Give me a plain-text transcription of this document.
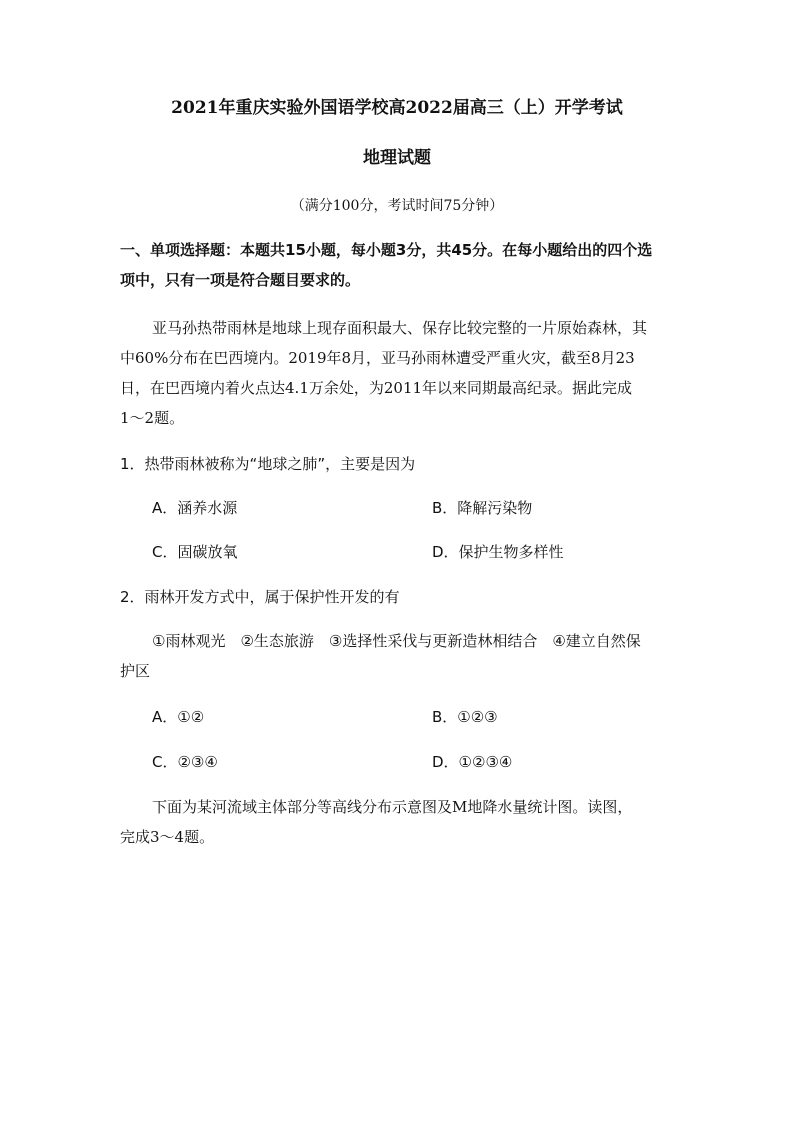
2021年重庆实验外国语学校高2022届高三（上）开学考试
地理试题
（满分100分，考试时间75分钟）
一、单项选择题：本题共15小题，每小题3分，共45分。在每小题给出的四个选
项中，只有一项是符合题目要求的。
亚马孙热带雨林是地球上现存面积最大、保存比较完整的一片原始森林，其
中60%分布在巴西境内。2019年8月，亚马孙雨林遭受严重火灾，截至8月23
日，在巴西境内着火点达4.1万余处，为2011年以来同期最高纪录。据此完成
1～2题。
1．热带雨林被称为“地球之肺”，主要是因为
A．涵养水源	B．降解污染物
C．固碳放氧	D．保护生物多样性
2．雨林开发方式中，属于保护性开发的有
①雨林观光　②生态旅游　③选择性采伐与更新造林相结合　④建立自然保
护区
A．①②	B．①②③
C．②③④	D．①②③④
下面为某河流域主体部分等高线分布示意图及M地降水量统计图。读图，
完成3～4题。
